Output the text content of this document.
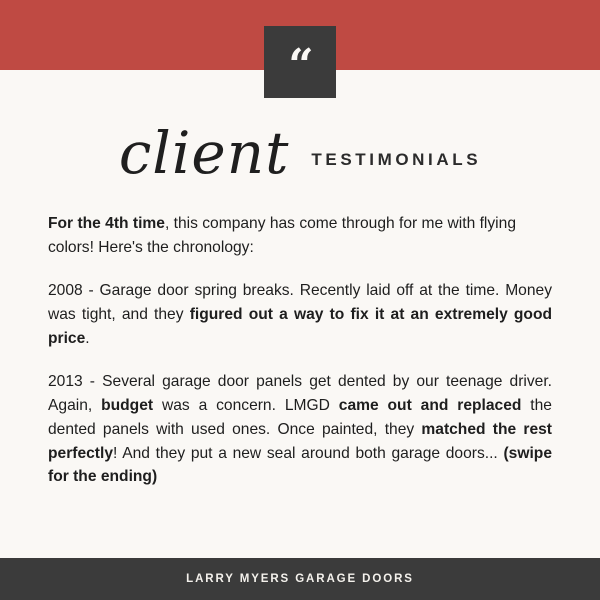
“
client TESTIMONIALS

For the 4th time, this company has come through for me with flying colors! Here's the chronology:

2008 - Garage door spring breaks. Recently laid off at the time. Money was tight, and they figured out a way to fix it at an extremely good price.

2013 - Several garage door panels get dented by our teenage driver. Again, budget was a concern. LMGD came out and replaced the dented panels with used ones. Once painted, they matched the rest perfectly! And they put a new seal around both garage doors... (swipe for the ending)

LARRY MYERS GARAGE DOORS
